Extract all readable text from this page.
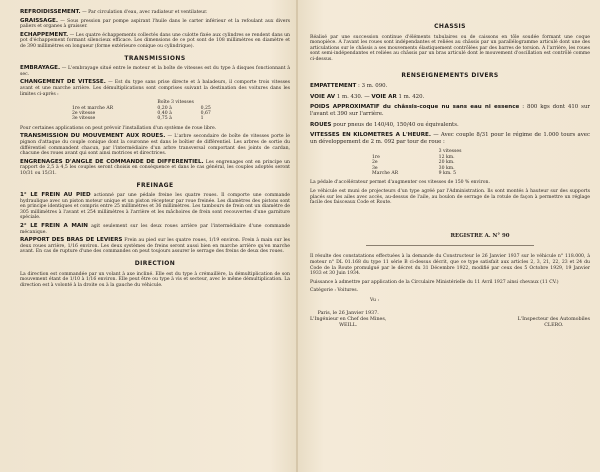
REFROIDISSEMENT. — Par circulation d'eau, avec radiateur et ventilateur.

GRAISSAGE. — Sous pression par pompe aspirant l'huile dans le carter inférieur et la refoulant aux divers paliers et organes à graisser.

ECHAPPEMENT. — Les quatre échappements collectés dans une culotte fixée aux cylindres se rendent dans un pot d'échappement formant silencieux efficace. Les dimensions de ce pot sont de 108 millimètres en diamètre et de 390 millimètres en longueur (forme extérieure conique ou cylindrique).

TRANSMISSIONS

EMBRAYAGE. — L'embrayage situé entre le moteur et la boîte de vitesses est du type à disques fonctionnant à sec.

CHANGEMENT DE VITESSE. — Est du type sans prise directe et à baladeurs, il comporte trois vitesses avant et une marche arrière. Les démultiplications sont comprises suivant la destination des voitures dans les limites ci-après :

	Boîte 3 vitesses	
1re et marche AR	0,20 à	0,25
2e vitesse	0,40 à	0,67
3e vitesse	0,75 à	1

Pour certaines applications on peut prévoir l'installation d'un système de roue libre.

TRANSMISSION DU MOUVEMENT AUX ROUES. — L'arbre secondaire de boîte de vitesses porte le pignon d'attaque du couple conique dont la couronne est dans le boîtier de différentiel. Les arbres de sortie du différentiel commandent chacun, par l'intermédiaire d'un arbre transversal comportant des joints de cardan, chacune des roues avant qui sont ainsi motrices et directrices.

ENGRENAGES D'ANGLE DE COMMANDE DE DIFFERENTIEL. Les engrenages ont en principe un rapport de 2,5 à 4,5 les couples seront choisis en conséquence et dans le cas général, les couples adoptés seront 10/31 ou 15/31.

FREINAGE

1° LE FREIN AU PIED actionné par une pédale freine les quatre roues. Il comporte une commande hydraulique avec un piston moteur unique et un piston récepteur par roue freinée. Les diamètres des pistons sont en principe identiques et compris entre 25 millimètres et 36 millimètres. Les tambours de frein ont un diamètre de 305 millimètres à l'avant et 254 millimètres à l'arrière et les mâchoires de frein sont recouvertes d'une garniture spéciale.

2° LE FREIN A MAIN agit seulement sur les deux roues arrière par l'intermédiaire d'une commande mécanique.

RAPPORT DES BRAS DE LEVIERS Frein au pied sur les quatre roues, 1/19 environ. Frein à main sur les deux roues arrière, 1/16 environ. Les deux systèmes de freins seront aussi bien en marche arrière qu'en marche avant. En cas de rupture d'une des commandes on peut toujours assurer le serrage des freins de deux des roues.

DIRECTION

La direction est commandée par un volant à axe incliné. Elle est du type à crémaillère, la démultiplication de son mouvement étant de 1/10 à 1/16 environ. Elle peut être ou type à vis et secteur, avec le même démultiplication. La direction est à volonté à la droite ou à la gauche du véhicule.

CHASSIS

Réalisé par une succession continue d'éléments tubulaires ou de caissons en tôle soudée formant une coque monopièce. A l'avant les roues sont indépendantes et reliées au châssis par un parallélogramme articulé dont une des articulations sur le châssis a ses mouvements élastiquement contrôlées par des barres de torsion. A l'arrière, les roues sont semi-indépendantes et reliées au châssis par un bras articulé dont le mouvement d'oscillation est contrôlé comme ci-dessus.

RENSEIGNEMENTS DIVERS

EMPATTEMENT : 3 m. 090.

VOIE AV 1 m. 430. — VOIE AR 1 m. 420.

POIDS APPROXIMATIF du châssis-coque nu sans eau ni essence : 800 kgs dont 410 sur l'avant et 390 sur l'arrière.

ROUES pour pneus de 140/40, 150/40 ou équivalents.

VITESSES EN KILOMETRES A L'HEURE. — Avec couple 8/31 pour le régime de 1.000 tours avec un développement de 2 m. 092 par tour de roue :

	3 vitesses
1re	12 km.
2e	20 km.
3e	30 km.
Marche AR	9 km. 5

La pédale d'accélérateur permet d'augmenter ces vitesses de 150 % environ.

Le véhicule est muni de projecteurs d'un type agréé par l'Administration. Ils sont montés à hauteur sur des supports placés sur les ailes avec accès, au-dessus de l'aile, au boulon de serrage de la rotule de façon à permettre un réglage facile des faisceaux Code et Route.

REGISTRE A. N° 90

Il résulte des constatations effectuées à la demande du Constructeur le 26 Janvier 1937 sur le véhicule n° 118.000, à moteur n° DL 01.168 du type 11 série B ci-dessus décrit, que ce type satisfait aux articles 2, 3, 21, 22, 23 et 24 du Code de la Route promulgué par le décret du 31 Décembre 1922, modifié par ceux des 5 Octobre 1929, 19 Janvier 1933 et 30 Juin 1934.

Puissance à admettre par application de la Circulaire Ministérielle du 11 Avril 1927 ainsi chevaux (11 CV.)

Catégorie : Voitures.

Vu :

Paris, le 26 Janvier 1937.
L'Ingénieur en Chef des Mines,
WEILL.
L'Inspecteur des Automobiles
CLERO.
